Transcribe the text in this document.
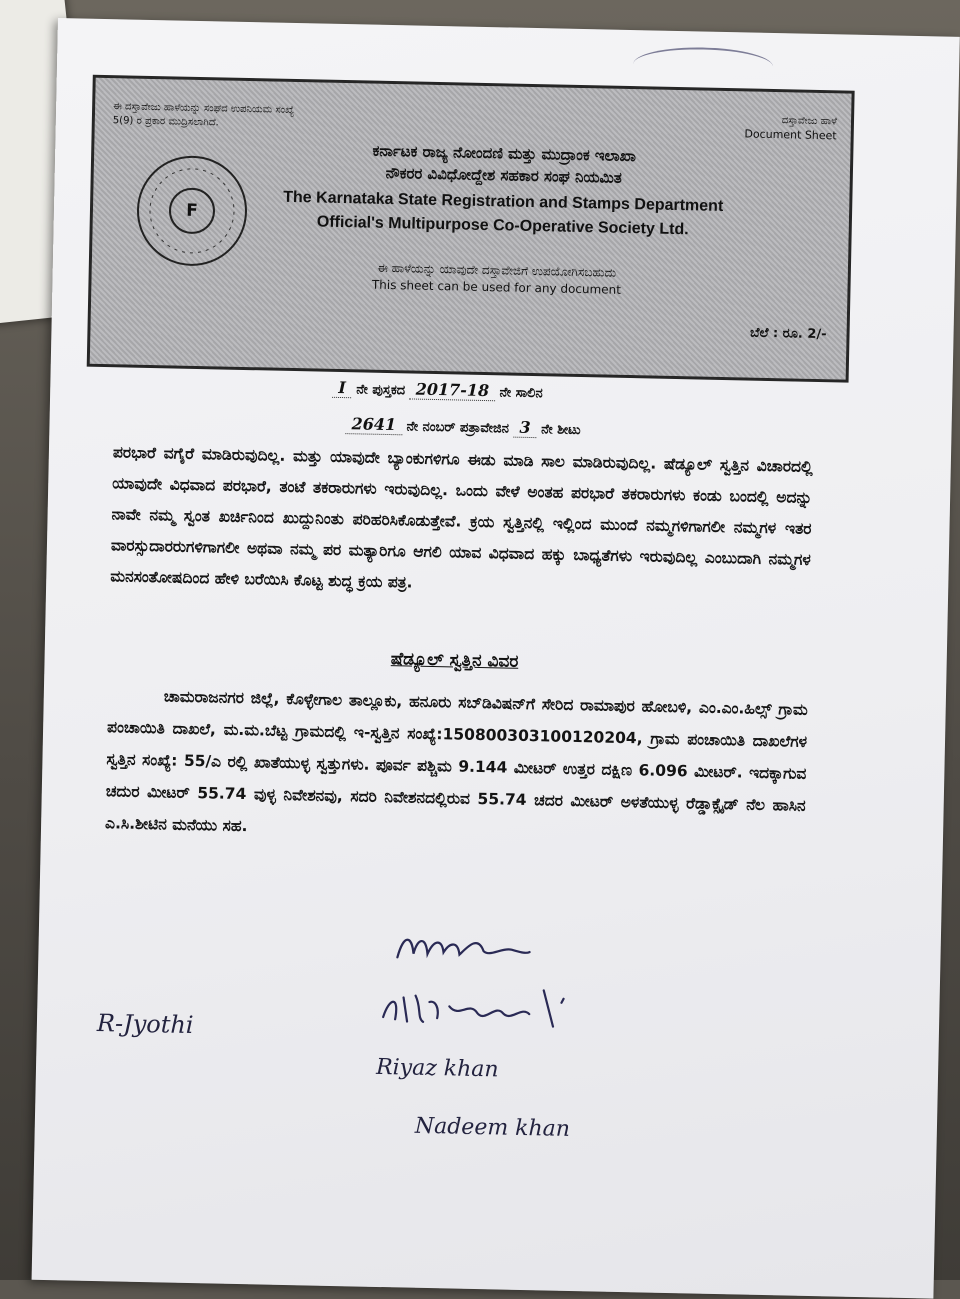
ಈ ದಸ್ತಾವೇಜು ಹಾಳೆಯನ್ನು ಸಂಘದ ಉಪನಿಯಮ ಸಂಖ್ಯೆ 5(9) ರ ಪ್ರಕಾರ ಮುದ್ರಿಸಲಾಗಿದೆ.	ದಸ್ತಾವೇಜು ಹಾಳೆ
Document Sheet
F
ಕರ್ನಾಟಕ ರಾಜ್ಯ ನೋಂದಣಿ ಮತ್ತು ಮುದ್ರಾಂಕ ಇಲಾಖಾ
ನೌಕರರ ವಿವಿಧೋದ್ದೇಶ ಸಹಕಾರ ಸಂಘ ನಿಯಮಿತ
The Karnataka State Registration and Stamps Department
Official's Multipurpose Co-Operative Society Ltd.
ಈ ಹಾಳೆಯನ್ನು ಯಾವುದೇ ದಸ್ತಾವೇಜಿಗೆ ಉಪಯೋಗಿಸಬಹುದು
This sheet can be used for any document
ಬೆಲೆ : ರೂ. 2/-
I ನೇ ಪುಸ್ತಕದ 2017-18 ನೇ ಸಾಲಿನ
2641 ನೇ ನಂಬರ್ ಪತ್ರಾವೇಜಿನ 3 ನೇ ಶೀಟು
ಪರಭಾರೆ ವಗೈರೆ ಮಾಡಿರುವುದಿಲ್ಲ. ಮತ್ತು ಯಾವುದೇ ಬ್ಯಾಂಕುಗಳಿಗೂ ಈಡು ಮಾಡಿ ಸಾಲ ಮಾಡಿರುವುದಿಲ್ಲ. ಷೆಡ್ಯೂಲ್ ಸ್ವತ್ತಿನ ವಿಚಾರದಲ್ಲಿ ಯಾವುದೇ ವಿಧವಾದ ಪರಭಾರೆ, ತಂಟೆ ತಕರಾರುಗಳು ಇರುವುದಿಲ್ಲ. ಒಂದು ವೇಳೆ ಅಂತಹ ಪರಭಾರೆ ತಕರಾರುಗಳು ಕಂಡು ಬಂದಲ್ಲಿ ಅದನ್ನು ನಾವೇ ನಮ್ಮ ಸ್ವಂತ ಖರ್ಚಿನಿಂದ ಖುದ್ದುನಿಂತು ಪರಿಹರಿಸಿಕೊಡುತ್ತೇವೆ. ಕ್ರಯ ಸ್ವತ್ತಿನಲ್ಲಿ ಇಲ್ಲಿಂದ ಮುಂದೆ ನಮ್ಮಗಳಿಗಾಗಲೀ ನಮ್ಮಗಳ ಇತರ ವಾರಸ್ಸುದಾರರುಗಳಿಗಾಗಲೀ ಅಥವಾ ನಮ್ಮ ಪರ ಮತ್ಯಾರಿಗೂ ಆಗಲಿ ಯಾವ ವಿಧವಾದ ಹಕ್ಕು ಬಾಧ್ಯತೆಗಳು ಇರುವುದಿಲ್ಲ ಎಂಬುದಾಗಿ ನಮ್ಮಗಳ ಮನಸಂತೋಷದಿಂದ ಹೇಳಿ ಬರೆಯಿಸಿ ಕೊಟ್ಟ ಶುದ್ಧ ಕ್ರಯ ಪತ್ರ.
ಷೆಡ್ಯೂಲ್ ಸ್ವತ್ತಿನ ವಿವರ
ಚಾಮರಾಜನಗರ ಜಿಲ್ಲೆ, ಕೊಳ್ಳೇಗಾಲ ತಾಲ್ಲೂಕು, ಹನೂರು ಸಬ್‌ಡಿವಿಷನ್‌ಗೆ ಸೇರಿದ ರಾಮಾಪುರ ಹೋಬಳಿ, ಎಂ.ಎಂ.ಹಿಲ್ಸ್ ಗ್ರಾಮ ಪಂಚಾಯಿತಿ ದಾಖಲೆ, ಮ.ಮ.ಬೆಟ್ಟ ಗ್ರಾಮದಲ್ಲಿ ಇ-ಸ್ವತ್ತಿನ ಸಂಖ್ಯೆ:150800303100120204, ಗ್ರಾಮ ಪಂಚಾಯಿತಿ ದಾಖಲೆಗಳ ಸ್ವತ್ತಿನ ಸಂಖ್ಯೆ: 55/ಎ ರಲ್ಲಿ ಖಾತೆಯುಳ್ಳ ಸ್ವತ್ತುಗಳು. ಪೂರ್ವ ಪಶ್ಚಿಮ 9.144 ಮೀಟರ್ ಉತ್ತರ ದಕ್ಷಿಣ 6.096 ಮೀಟರ್. ಇದಕ್ಕಾಗುವ ಚದುರ ಮೀಟರ್ 55.74 ವುಳ್ಳ ನಿವೇಶನವು, ಸದರಿ ನಿವೇಶನದಲ್ಲಿರುವ 55.74 ಚದರ ಮೀಟರ್ ಅಳತೆಯುಳ್ಳ ರೆಡ್ಡಾಕ್ಸೈಡ್ ನೆಲ ಹಾಸಿನ ಎ.ಸಿ.ಶೀಟಿನ ಮನೆಯು ಸಹ.
R-Jyothi
Riyaz khan
Nadeem khan
